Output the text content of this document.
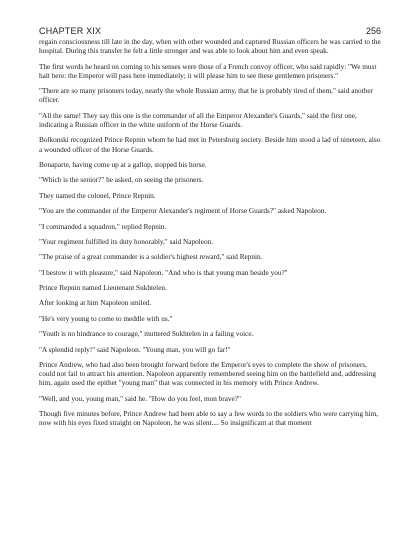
CHAPTER XIX	256

regain consciousness till late in the day, when with other wounded and captured Russian officers he was carried to the hospital. During this transfer he felt a little stronger and was able to look about him and even speak.

The first words he heard on coming to his senses were those of a French convoy officer, who said rapidly: "We must halt here: the Emperor will pass here immediately; it will please him to see these gentlemen prisoners."

"There are so many prisoners today, nearly the whole Russian army, that he is probably tired of them," said another officer.

"All the same! They say this one is the commander of all the Emperor Alexander's Guards," said the first one, indicating a Russian officer in the white uniform of the Horse Guards.

Bolkonski recognized Prince Repnin whom he had met in Petersburg society. Beside him stood a lad of nineteen, also a wounded officer of the Horse Guards.

Bonaparte, having come up at a gallop, stopped his horse.

"Which is the senior?" he asked, on seeing the prisoners.

They named the colonel, Prince Repnin.

"You are the commander of the Emperor Alexander's regiment of Horse Guards?" asked Napoleon.

"I commanded a squadron," replied Repnin.

"Your regiment fulfilled its duty honorably," said Napoleon.

"The praise of a great commander is a soldier's highest reward," said Repnin.

"I bestow it with pleasure," said Napoleon. "And who is that young man beside you?"

Prince Repnin named Lieutenant Sukhtelen.

After looking at him Napoleon smiled.

"He's very young to come to meddle with us."

"Youth is no hindrance to courage," muttered Sukhtelen in a failing voice.

"A splendid reply!" said Napoleon. "Young man, you will go far!"

Prince Andrew, who had also been brought forward before the Emperor's eyes to complete the show of prisoners, could not fail to attract his attention. Napoleon apparently remembered seeing him on the battlefield and, addressing him, again used the epithet "young man" that was connected in his memory with Prince Andrew.

"Well, and you, young man," said he. "How do you feel, mon brave?"

Though five minutes before, Prince Andrew had been able to say a few words to the soldiers who were carrying him, now with his eyes fixed straight on Napoleon, he was silent.... So insignificant at that moment
